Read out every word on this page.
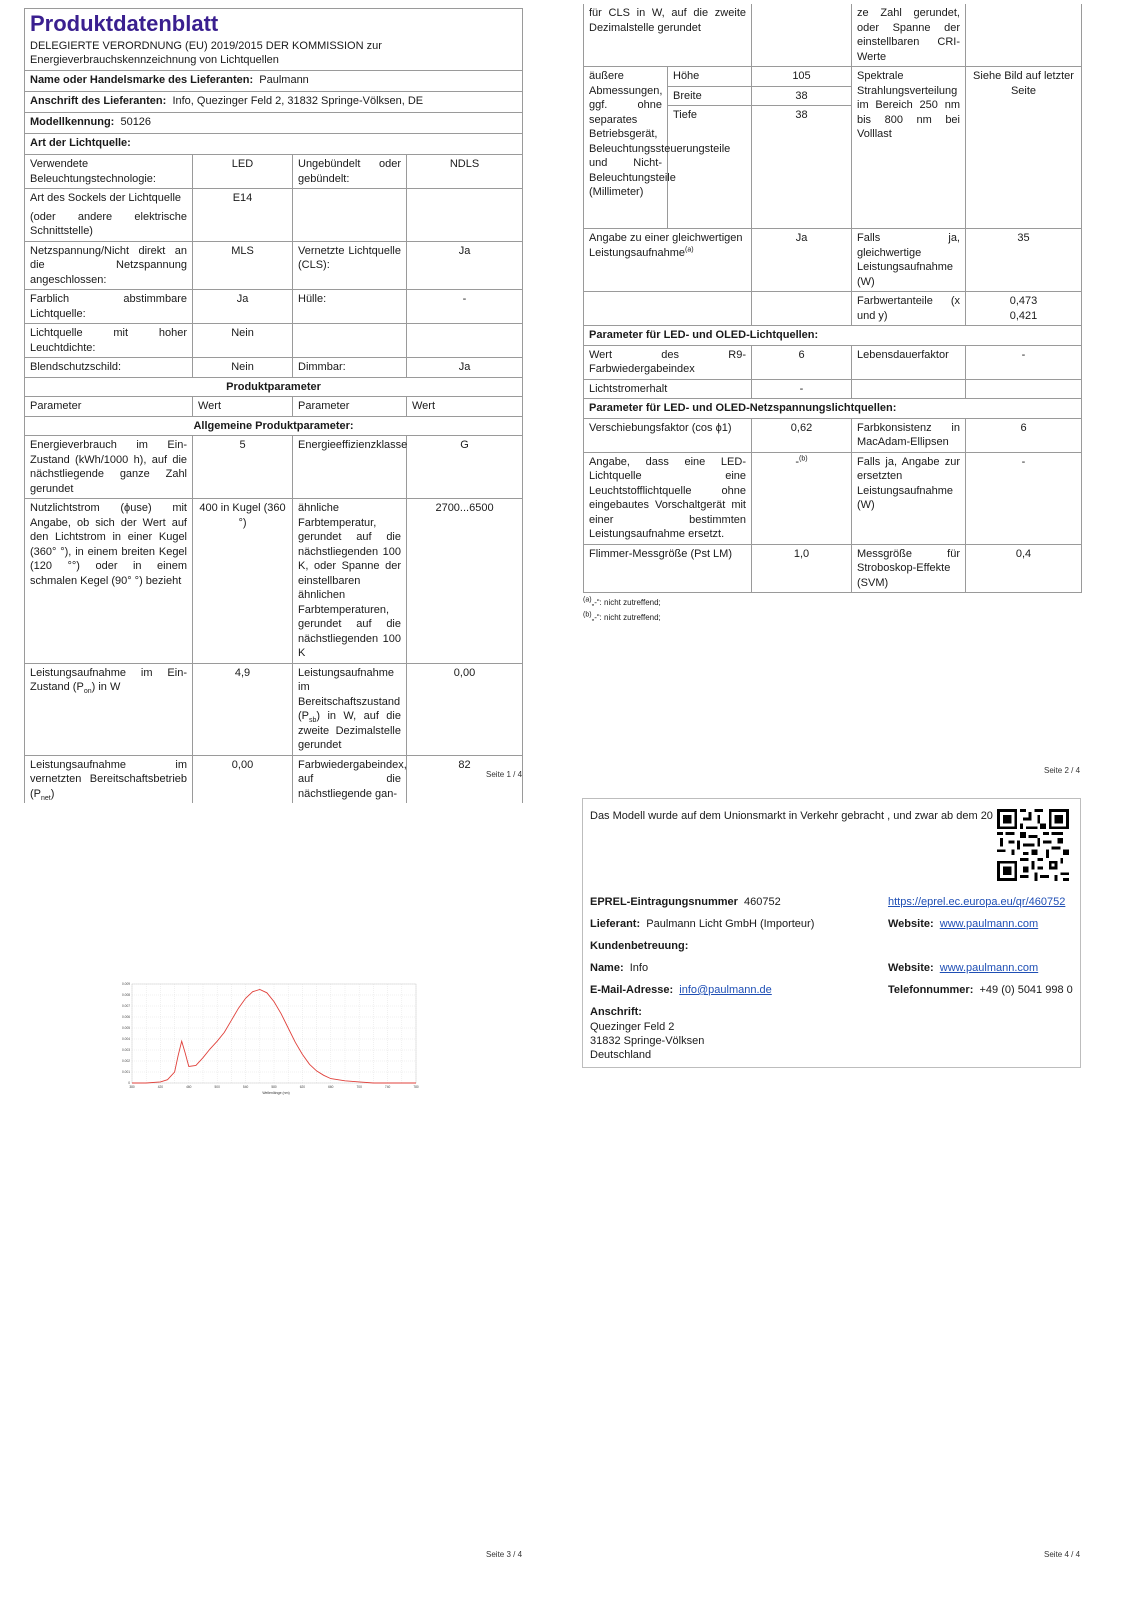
Produktdatenblatt
DELEGIERTE VERORDNUNG (EU) 2019/2015 DER KOMMISSION zur Energieverbrauchskennzeichnung von Lichtquellen			

Name oder Handelsmarke des Lieferanten: Paulmann			
Anschrift des Lieferanten: Info, Quezinger Feld 2, 31832 Springe-Völksen, DE			
Modellkennung: 50126			
Art der Lichtquelle:			
Verwendete Beleuchtungstechnologie:	LED	Ungebündelt oder gebündelt:	NDLS
Art des Sockels der Lichtquelle	E14		
(oder andere elektrische Schnittstelle)			
Netzspannung/Nicht direkt an die Netzspannung angeschlossen:	MLS	Vernetzte Lichtquelle (CLS):	Ja
Farblich abstimmbare Lichtquelle:	Ja	Hülle:	-
Lichtquelle mit hoher Leuchtdichte:	Nein		
Blendschutzschild:	Nein	Dimmbar:	Ja
Produktparameter			
Parameter	Wert	Parameter	Wert
Allgemeine Produktparameter:			
Energieverbrauch im Ein-Zustand (kWh/1000 h), auf die nächstliegende ganze Zahl gerundet	5	Energieeffizienzklasse	G
Nutzlichtstrom (ϕuse) mit Angabe, ob sich der Wert auf den Lichtstrom in einer Kugel (360° °), in einem breiten Kegel (120 °°) oder in einem schmalen Kegel (90° °) bezieht	400 in Kugel (360 °)	ähnliche Farbtemperatur, gerundet auf die nächstliegenden 100 K, oder Spanne der einstellbaren ähnlichen Farbtemperaturen, gerundet auf die nächstliegenden 100 K	2700...6500
Leistungsaufnahme im Ein-Zustand $(P_{on})$ in W	4,9	Leistungsaufnahme im Bereitschaftszustand $(P_{sb})$ in W, auf die zweite Dezimalstelle gerundet	0,00
Leistungsaufnahme im vernetzten Bereitschaftsbetrieb $(P_{net})$	0,00	Farbwiedergabeindex, auf die nächstliegende gan-	82
Seite 1 / 4
für CLS in W, auf die zweite Dezimalstelle gerundet			ze Zahl gerundet, oder Spanne der einstellbaren CRI-Werte	
äußere Abmessungen, ggf. ohne separates Betriebsgerät, Beleuchtungssteuerungsteile und Nicht-Beleuchtungsteile (Millimeter)	Höhe	105	Spektrale Strahlungsverteilung im Bereich 250 nm bis 800 nm bei Volllast	Siehe Bild auf letzter Seite
	Breite	38		
	Tiefe	38		
Angabe zu einer gleichwertigen Leistungsaufnahme$^{(a)}$		Ja	Falls ja, gleichwertige Leistungsaufnahme (W)	35
			Farbwertanteile (x und y)	0,473
0,421

Parameter für LED- und OLED-Lichtquellen:				
Wert des R9-Farbwiedergabeindex		6	Lebensdauerfaktor	-
Lichtstromerhalt		-		
Parameter für LED- und OLED-Netzspannungslichtquellen:				
Verschiebungsfaktor (cos ϕ1)		0,62	Farbkonsistenz in MacAdam-Ellipsen	6
Angabe, dass eine LED-Lichtquelle eine Leuchtstofflichtquelle ohne eingebautes Vorschaltgerät mit einer bestimmten Leistungsaufnahme ersetzt.		-$^{(b)}$	Falls ja, Angabe zur ersetzten Leistungsaufnahme (W)	-
Flimmer-Messgröße (Pst LM)		1,0	Messgröße für Stroboskop-Effekte (SVM)	0,4
$^{(a)}$„-“: nicht zutreffend;
$^{(b)}$„-“: nicht zutreffend;
Seite 2 / 4
0
0.001
0.002
0.003
0.004
0.005
0.006
0.007
0.008
0.009
380	420	460	500	540	580	620	660	700	740	780
Wellenlänge (nm)
Seite 3 / 4
Das Modell wurde auf dem Unionsmarkt in Verkehr gebracht , und zwar ab dem 20
EPREL-Eintragungsnummer 460752	https://eprel.ec.europa.eu/qr/460752
Lieferant: Paulmann Licht GmbH (Importeur)	Website: www.paulmann.com
Kundenbetreuung:
Name: Info	Website: www.paulmann.com
E-Mail-Adresse: info@paulmann.de	Telefonnummer: +49 (0) 5041 998 0
Anschrift:
Quezinger Feld 2
31832 Springe-Völksen
Deutschland
Seite 4 / 4
